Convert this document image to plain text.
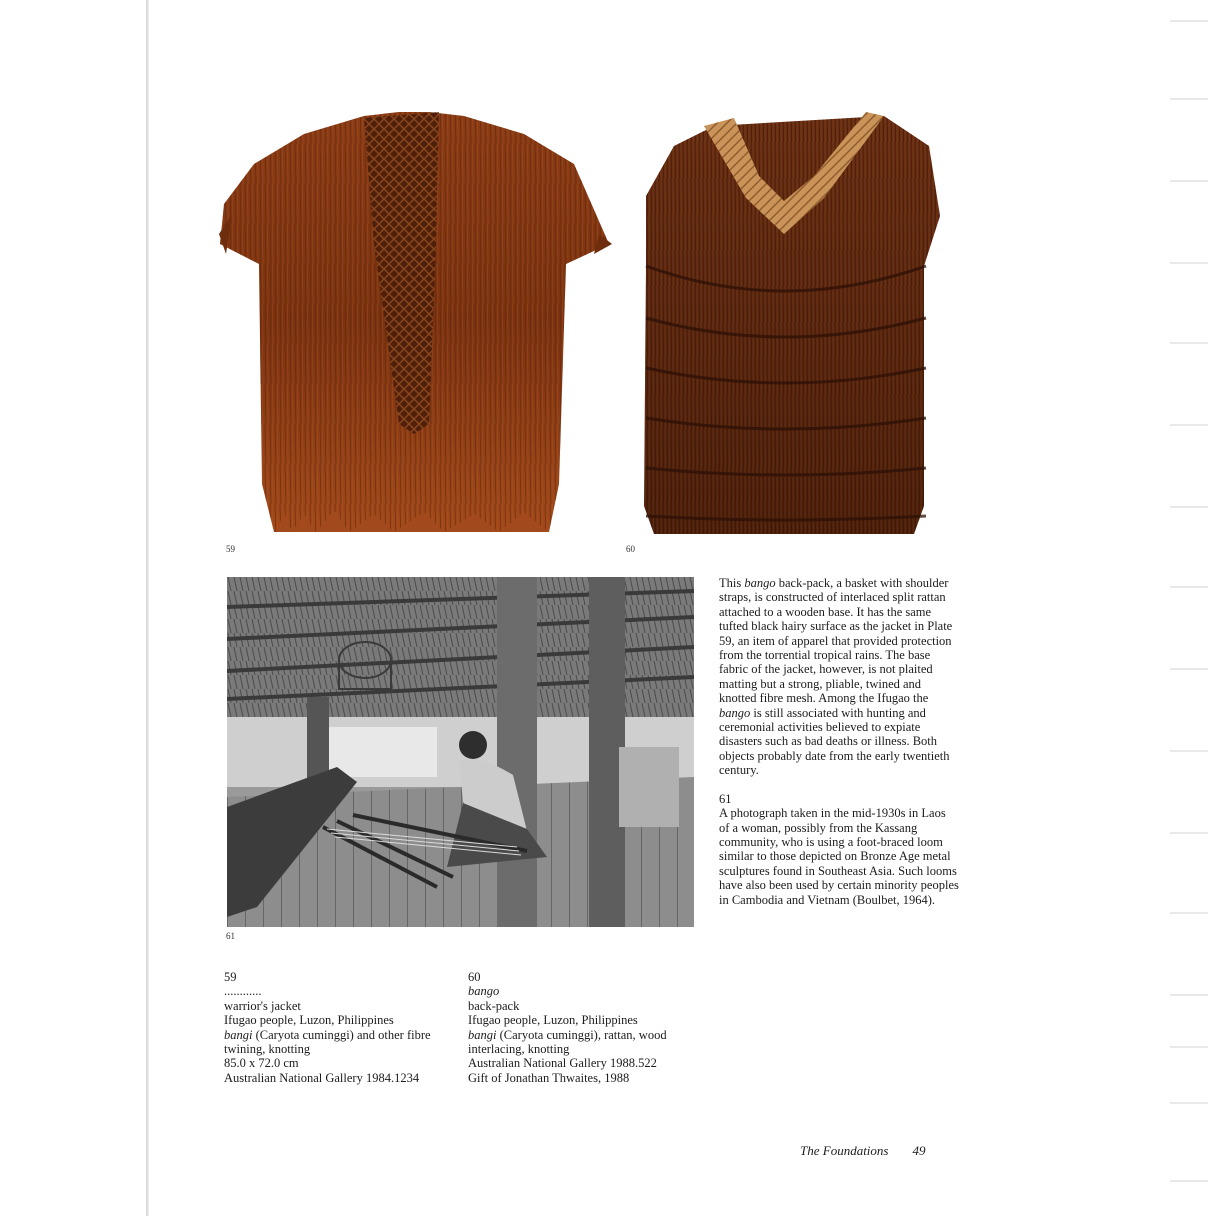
59	60
61

This bango back-pack, a basket with shoulder straps, is constructed of interlaced split rattan attached to a wooden base. It has the same tufted black hairy surface as the jacket in Plate 59, an item of apparel that provided protection from the torrential tropical rains. The base fabric of the jacket, however, is not plaited matting but a strong, pliable, twined and knotted fibre mesh. Among the Ifugao the bango is still associated with hunting and ceremonial activities believed to expiate disasters such as bad deaths or illness. Both objects probably date from the early twentieth century.

61
A photograph taken in the mid-1930s in Laos of a woman, possibly from the Kassang community, who is using a foot-braced loom similar to those depicted on Bronze Age metal sculptures found in Southeast Asia. Such looms have also been used by certain minority peoples in Cambodia and Vietnam (Boulbet, 1964).

59
............
warrior's jacket
Ifugao people, Luzon, Philippines
bangi (Caryota cuminggi) and other fibre
twining, knotting
85.0 x 72.0 cm
Australian National Gallery 1984.1234
60
bango
back-pack
Ifugao people, Luzon, Philippines
bangi (Caryota cuminggi), rattan, wood
interlacing, knotting
Australian National Gallery 1988.522
Gift of Jonathan Thwaites, 1988
The Foundations 49
